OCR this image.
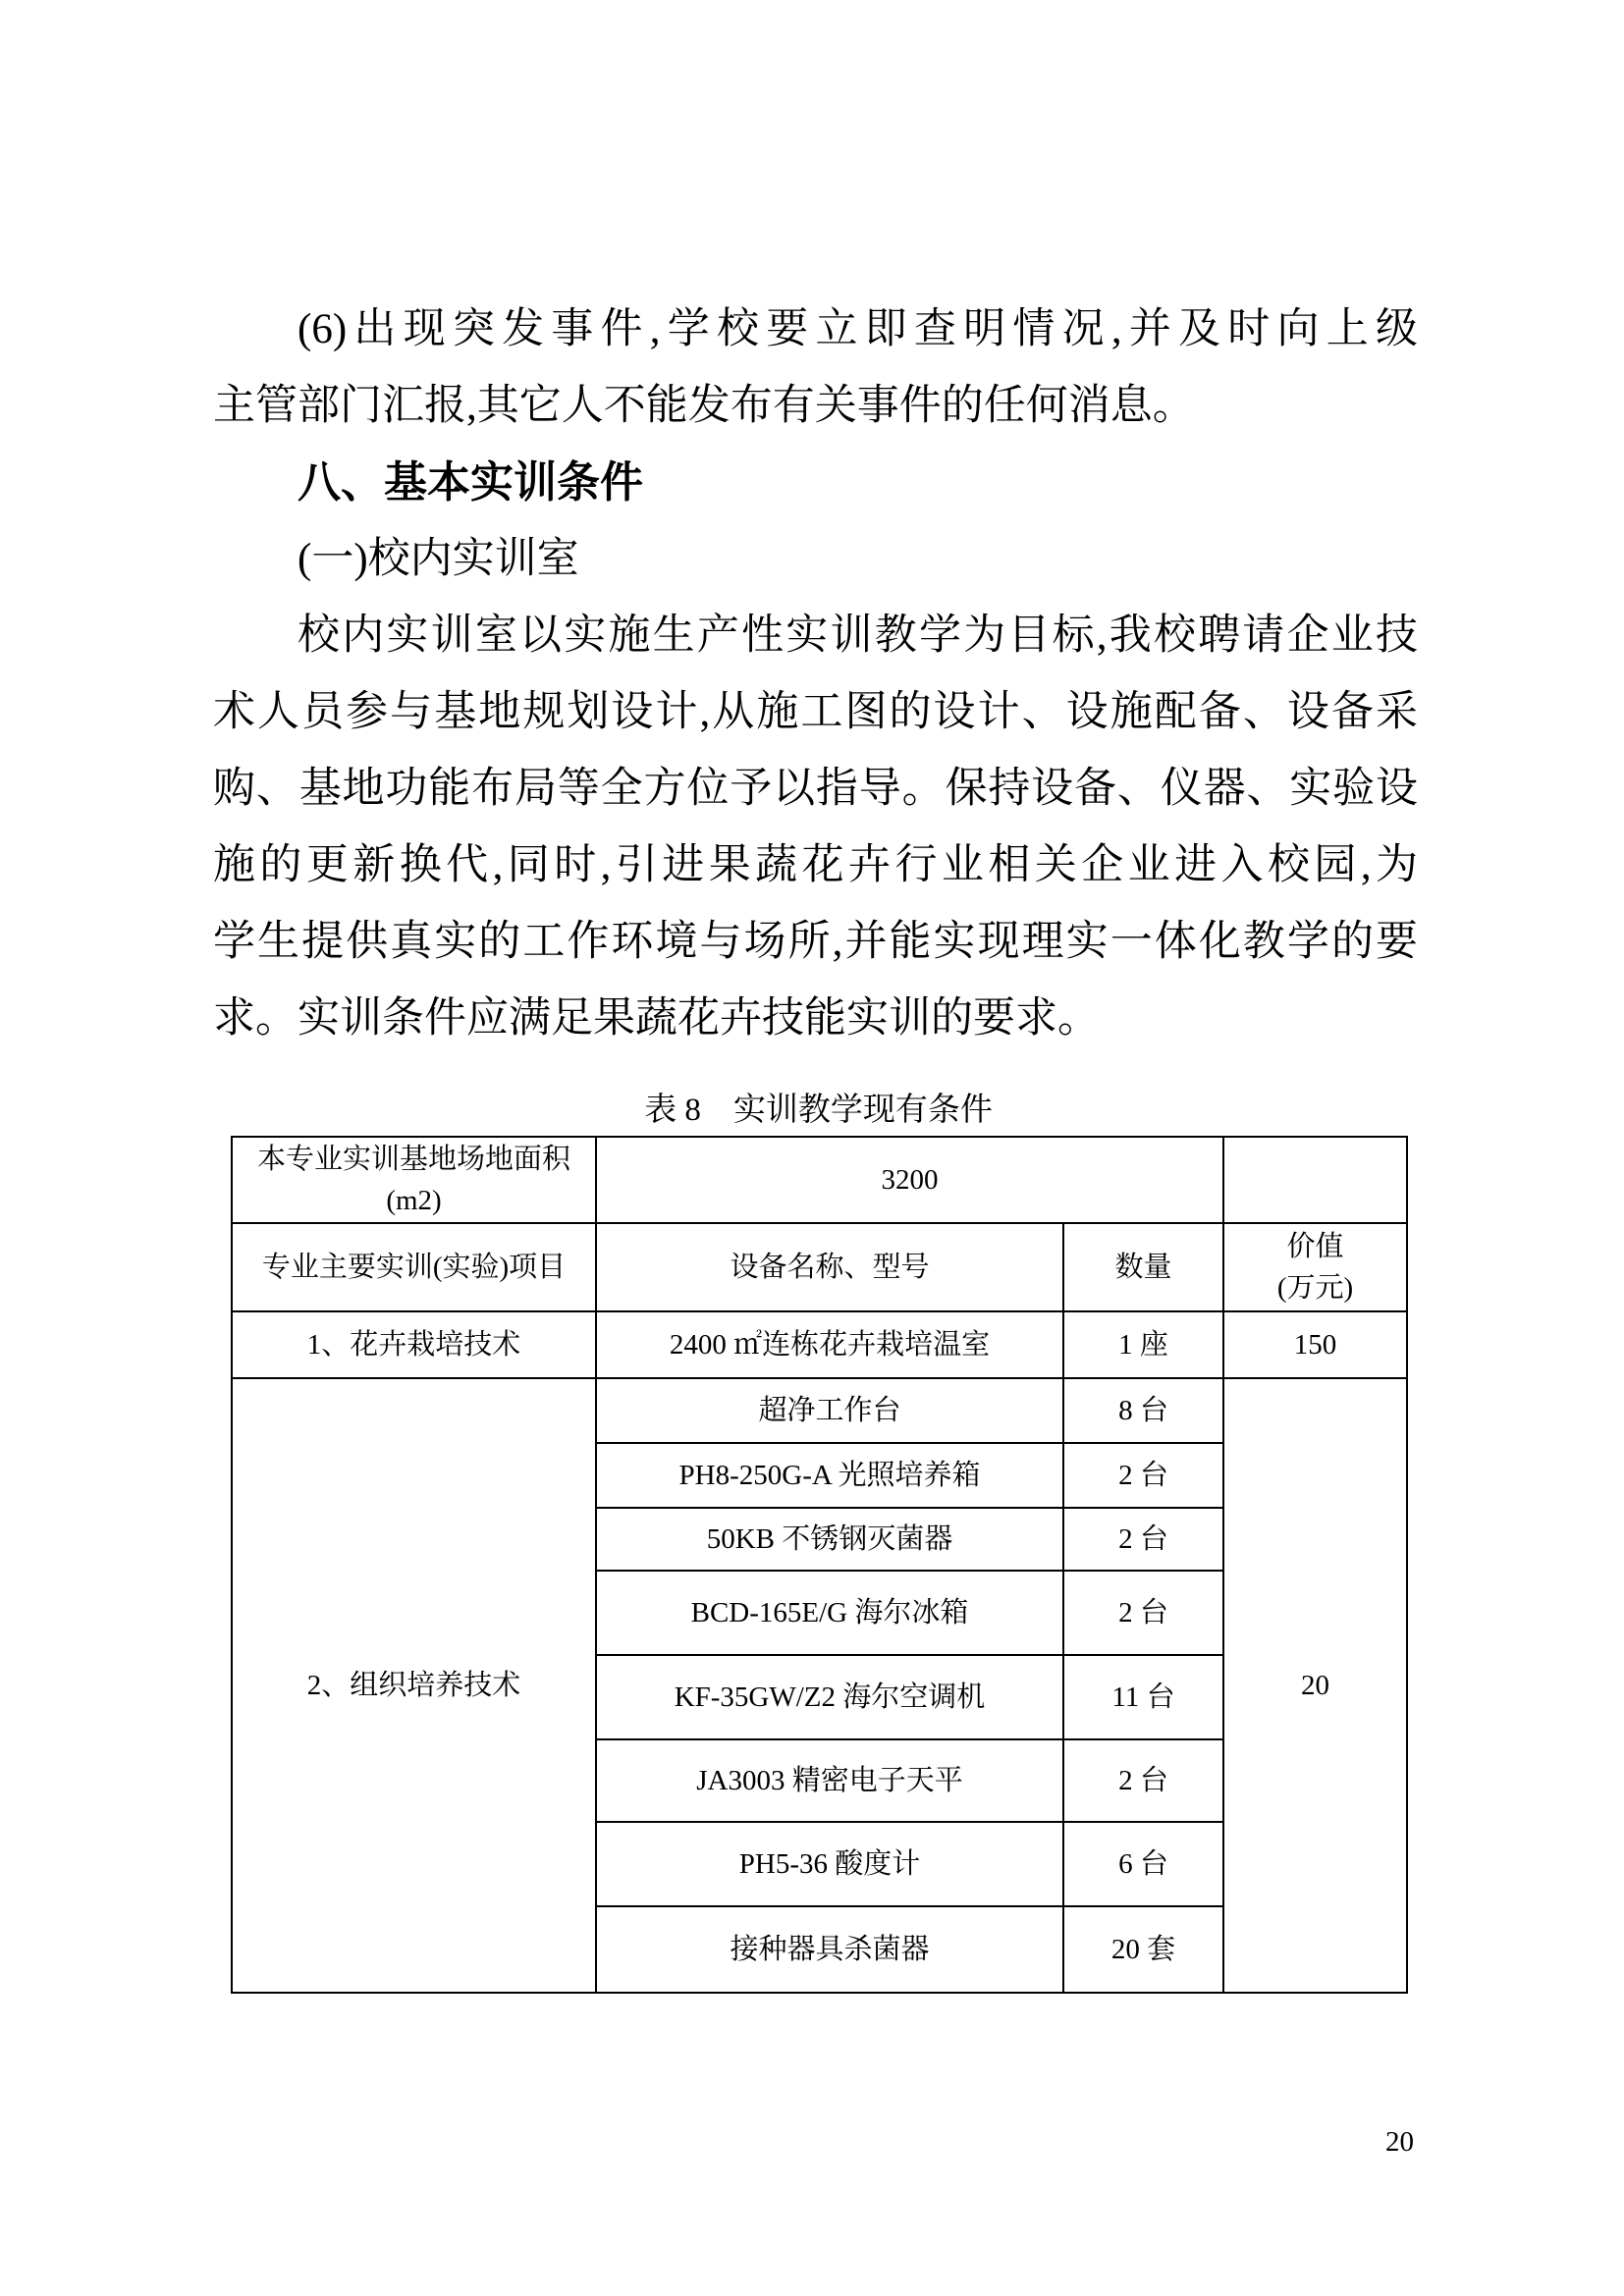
(6)出现突发事件,学校要立即查明情况,并及时向上级

主管部门汇报,其它人不能发布有关事件的任何消息。

八、基本实训条件

(一)校内实训室

校内实训室以实施生产性实训教学为目标,我校聘请企业技

术人员参与基地规划设计,从施工图的设计、设施配备、设备采

购、基地功能布局等全方位予以指导。保持设备、仪器、实验设

施的更新换代,同时,引进果蔬花卉行业相关企业进入校园,为

学生提供真实的工作环境与场所,并能实现理实一体化教学的要

求。实训条件应满足果蔬花卉技能实训的要求。

表 8　实训教学现有条件

本专业实训基地场地面积
(m2)	3200		
专业主要实训(实验)项目	设备名称、型号	数量	价值
(万元)

1、花卉栽培技术	2400 ㎡连栋花卉栽培温室	1 座	150
2、组织培养技术	超净工作台	8 台	20
	PH8-250G-A 光照培养箱	2 台	
	50KB 不锈钢灭菌器	2 台	
	BCD-165E/G 海尔冰箱	2 台	
	KF-35GW/Z2 海尔空调机	11 台	
	JA3003 精密电子天平	2 台	
	PH5-36 酸度计	6 台	
	接种器具杀菌器	20 套	
20
